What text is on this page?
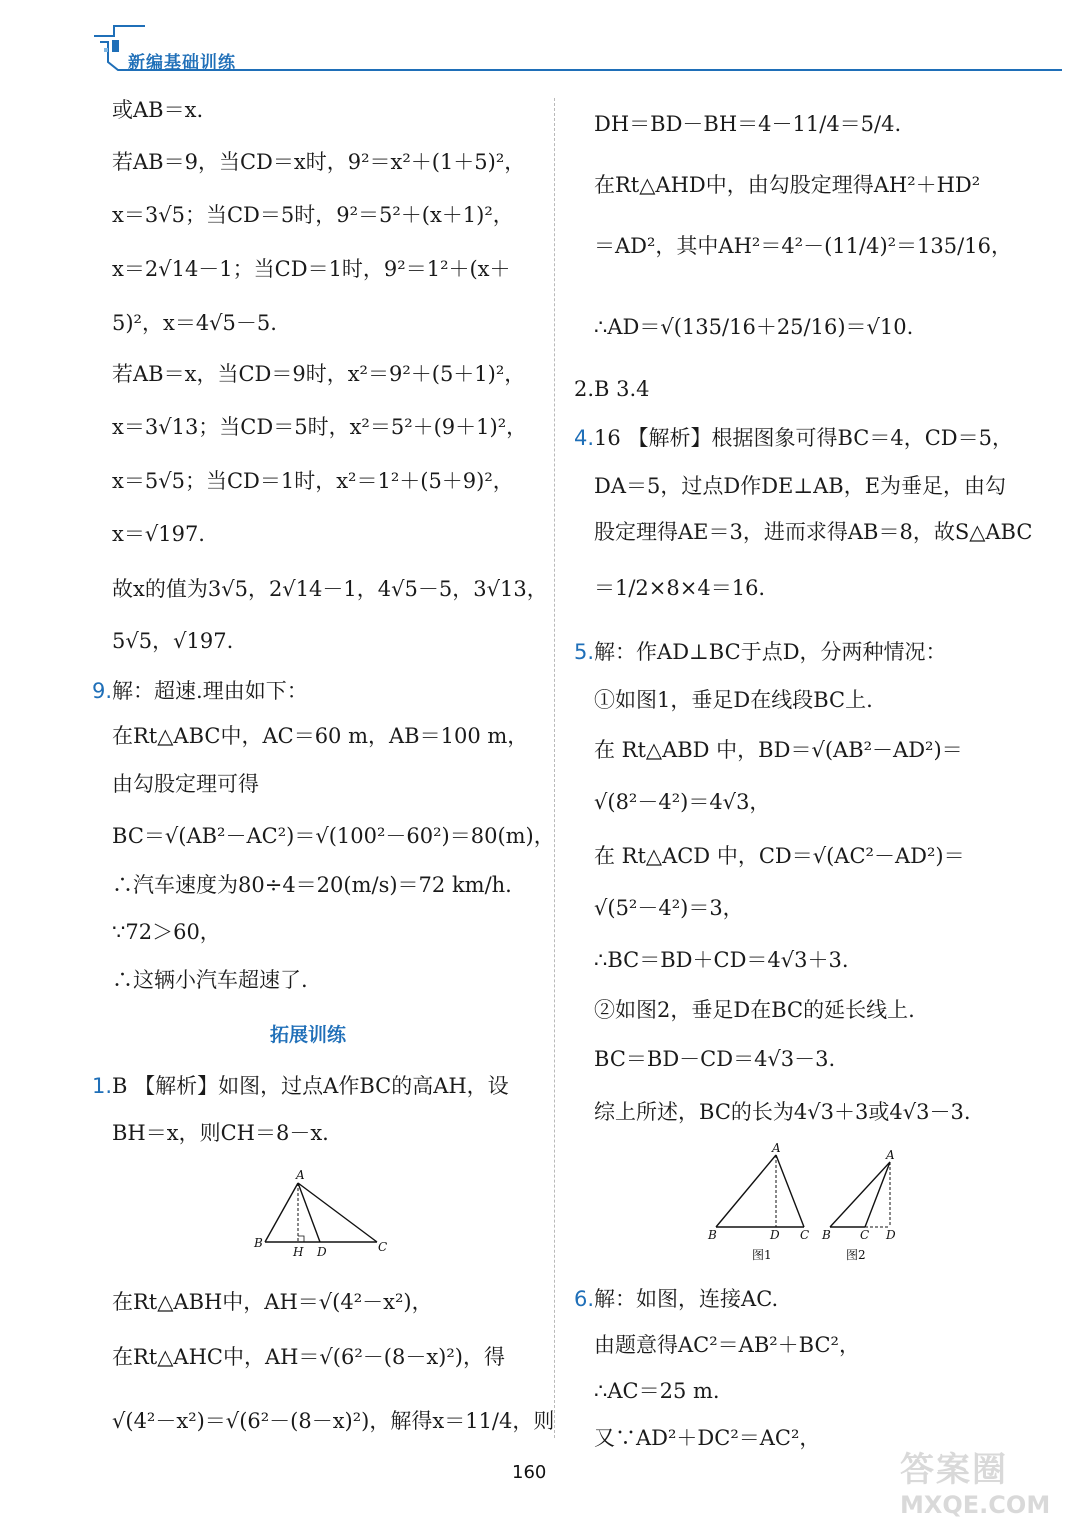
新编基础训练
或AB＝x.
若AB＝9，当CD＝x时，9²＝x²＋(1＋5)²，
x＝3√5；当CD＝5时，9²＝5²＋(x＋1)²，
x＝2√14－1；当CD＝1时，9²＝1²＋(x＋
5)²，x＝4√5－5.
若AB＝x，当CD＝9时，x²＝9²＋(5＋1)²，
x＝3√13；当CD＝5时，x²＝5²＋(9＋1)²，
x＝5√5；当CD＝1时，x²＝1²＋(5＋9)²，
x＝√197.
故x的值为3√5，2√14－1，4√5－5，3√13，
5√5，√197.
9.解：超速.理由如下：
在Rt△ABC中，AC＝60 m，AB＝100 m，
由勾股定理可得
BC＝√(AB²－AC²)＝√(100²－60²)＝80(m)，
∴汽车速度为80÷4＝20(m/s)＝72 km/h.
∵72＞60，
∴这辆小汽车超速了.
拓展训练
1.B 【解析】如图，过点A作BC的高AH，设
BH＝x，则CH＝8－x.
A
B
H D	C
在Rt△ABH中，AH＝√(4²－x²)，
在Rt△AHC中，AH＝√(6²－(8－x)²)，得
√(4²－x²)＝√(6²－(8－x)²)，解得x＝11/4，则
DH＝BD－BH＝4－11/4＝5/4.
在Rt△AHD中，由勾股定理得AH²＋HD²
＝AD²，其中AH²＝4²－(11/4)²＝135/16，
∴AD＝√(135/16＋25/16)＝√10.
2.B 3.4
4.16 【解析】根据图象可得BC＝4，CD＝5，
DA＝5，过点D作DE⊥AB，E为垂足，由勾
股定理得AE＝3，进而求得AB＝8，故S△ABC
＝1/2×8×4＝16.
5.解：作AD⊥BC于点D，分两种情况：
①如图1，垂足D在线段BC上.
在 Rt△ABD 中，BD＝√(AB²－AD²)＝
√(8²－4²)＝4√3，
在 Rt△ACD 中，CD＝√(AC²－AD²)＝
√(5²－4²)＝3，
∴BC＝BD＋CD＝4√3＋3.
②如图2，垂足D在BC的延长线上.
BC＝BD－CD＝4√3－3.
综上所述，BC的长为4√3＋3或4√3－3.
A
B	D C
图1
A
B C D
图2
6.解：如图，连接AC.
由题意得AC²＝AB²＋BC²，
∴AC＝25 m.
又∵AD²＋DC²＝AC²，
160	答案圈
MXQE.COM
